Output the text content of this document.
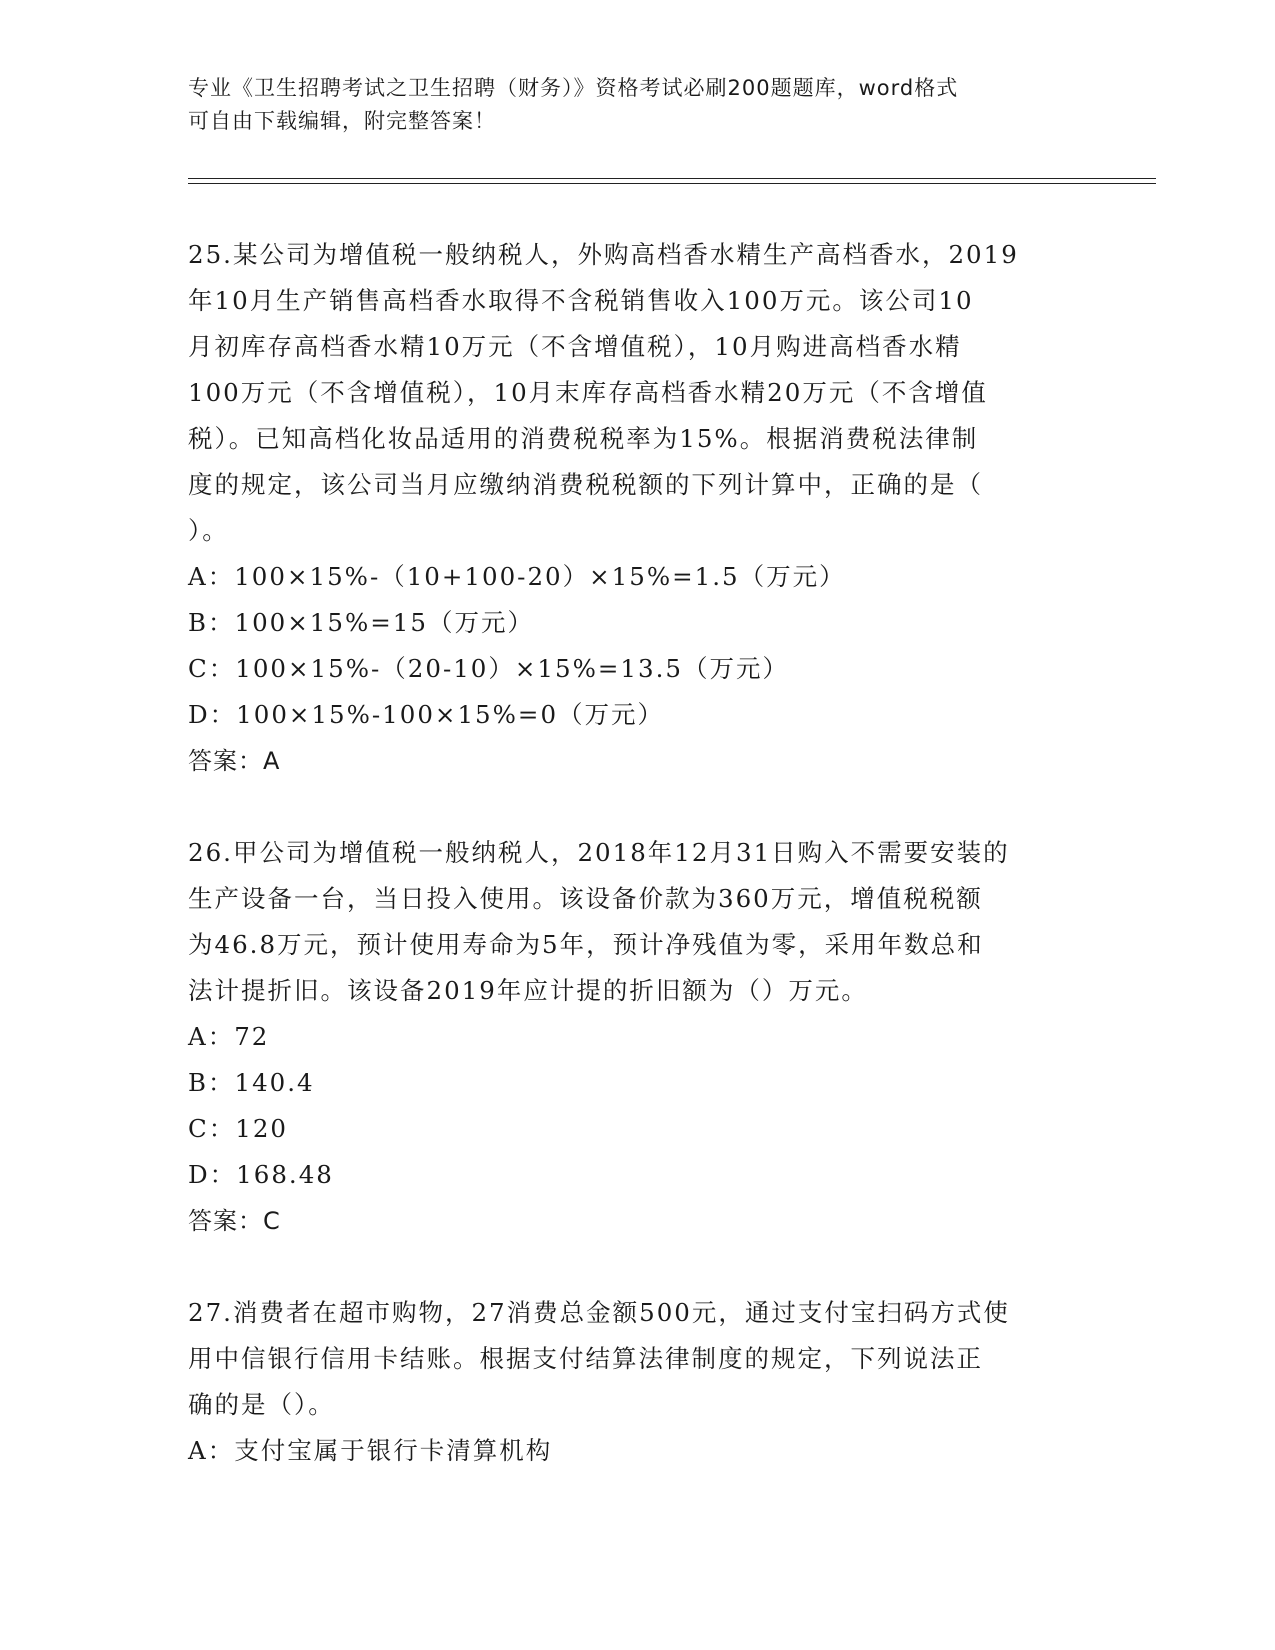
专业《卫生招聘考试之卫生招聘（财务）》资格考试必刷200题题库，word格式
可自由下载编辑，附完整答案！

25.某公司为增值税一般纳税人，外购高档香水精生产高档香水，2019

年10月生产销售高档香水取得不含税销售收入100万元。该公司10

月初库存高档香水精10万元（不含增值税），10月购进高档香水精

100万元（不含增值税），10月末库存高档香水精20万元（不含增值

税）。已知高档化妆品适用的消费税税率为15%。根据消费税法律制

度的规定，该公司当月应缴纳消费税税额的下列计算中，正确的是（

）。

A：100×15%-（10+100-20）×15%=1.5（万元）

B：100×15%=15（万元）

C：100×15%-（20-10）×15%=13.5（万元）

D：100×15%-100×15%=0（万元）

答案：A

26.甲公司为增值税一般纳税人，2018年12月31日购入不需要安装的

生产设备一台，当日投入使用。该设备价款为360万元，增值税税额

为46.8万元，预计使用寿命为5年，预计净残值为零，采用年数总和

法计提折旧。该设备2019年应计提的折旧额为（）万元。

A：72

B：140.4

C：120

D：168.48

答案：C

27.消费者在超市购物，27消费总金额500元，通过支付宝扫码方式使

用中信银行信用卡结账。根据支付结算法律制度的规定，下列说法正

确的是（）。

A：支付宝属于银行卡清算机构
